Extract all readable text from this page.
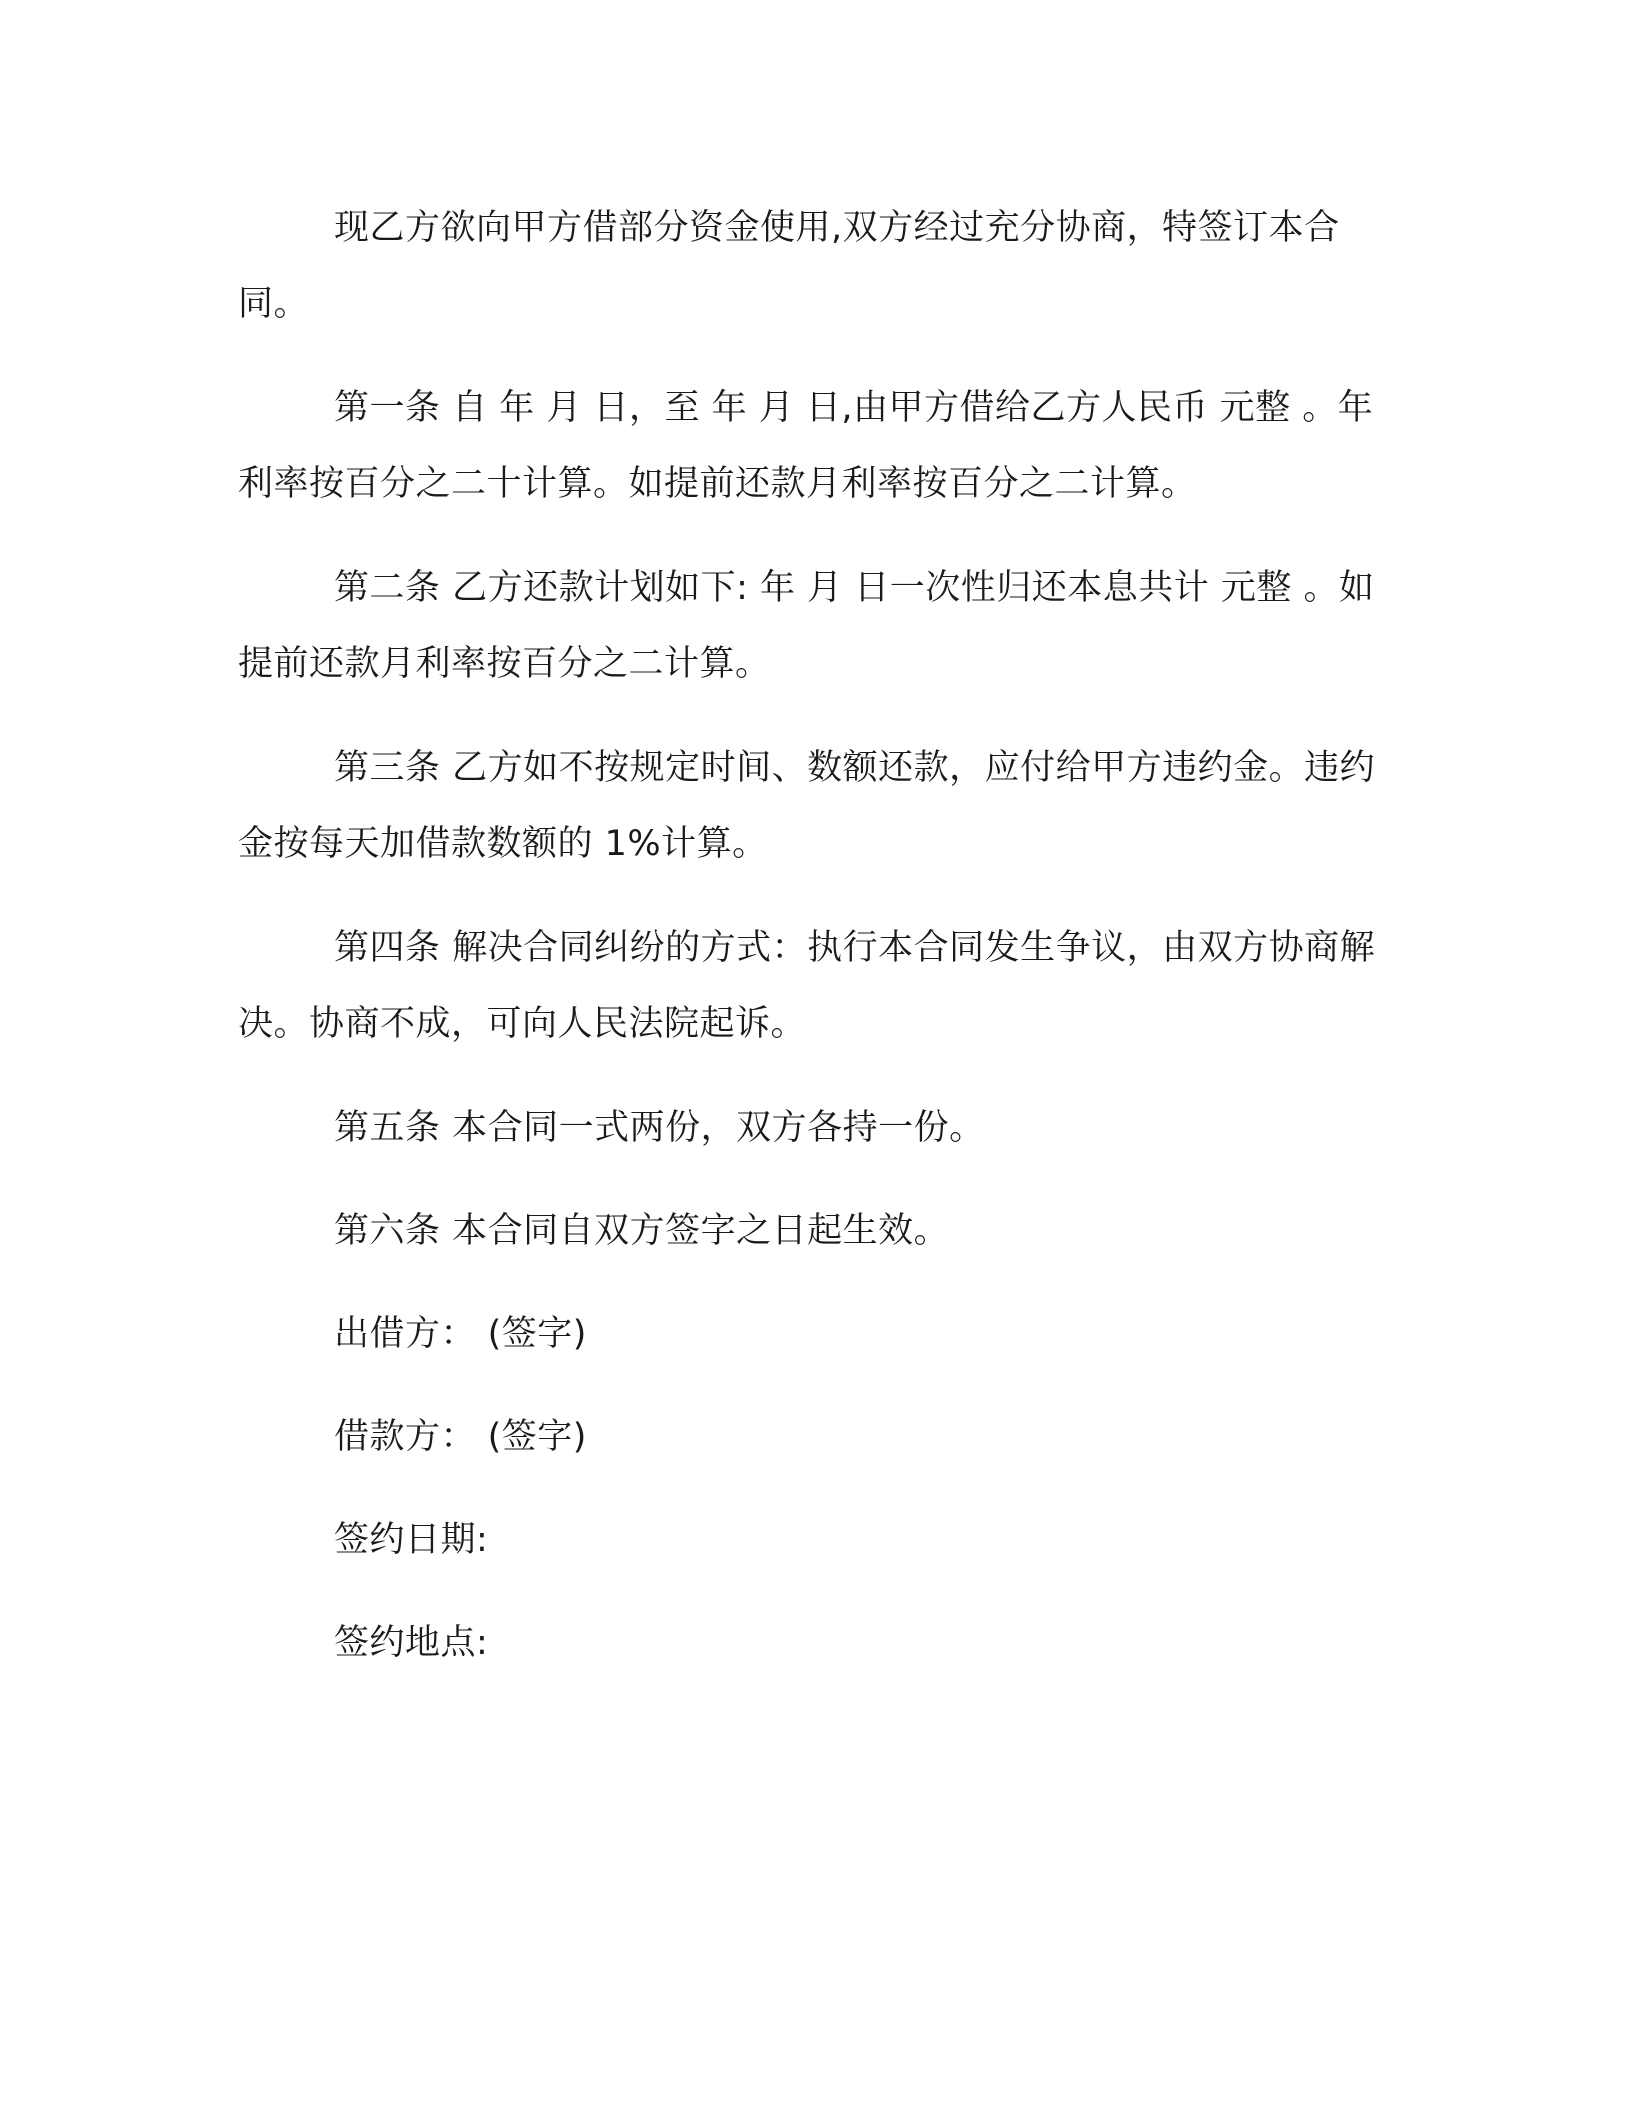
现乙方欲向甲方借部分资金使用,双方经过充分协商，特签订本合同。

第一条 自 年 月 日，至 年 月 日,由甲方借给乙方人民币 元整 。年利率按百分之二十计算。如提前还款月利率按百分之二计算。

第二条 乙方还款计划如下: 年 月 日一次性归还本息共计 元整 。如提前还款月利率按百分之二计算。

第三条 乙方如不按规定时间、数额还款，应付给甲方违约金。违约金按每天加借款数额的 1%计算。

第四条 解决合同纠纷的方式：执行本合同发生争议，由双方协商解决。协商不成，可向人民法院起诉。

第五条 本合同一式两份，双方各持一份。

第六条 本合同自双方签字之日起生效。

出借方： (签字)
借款方： (签字)
签约日期:
签约地点:
